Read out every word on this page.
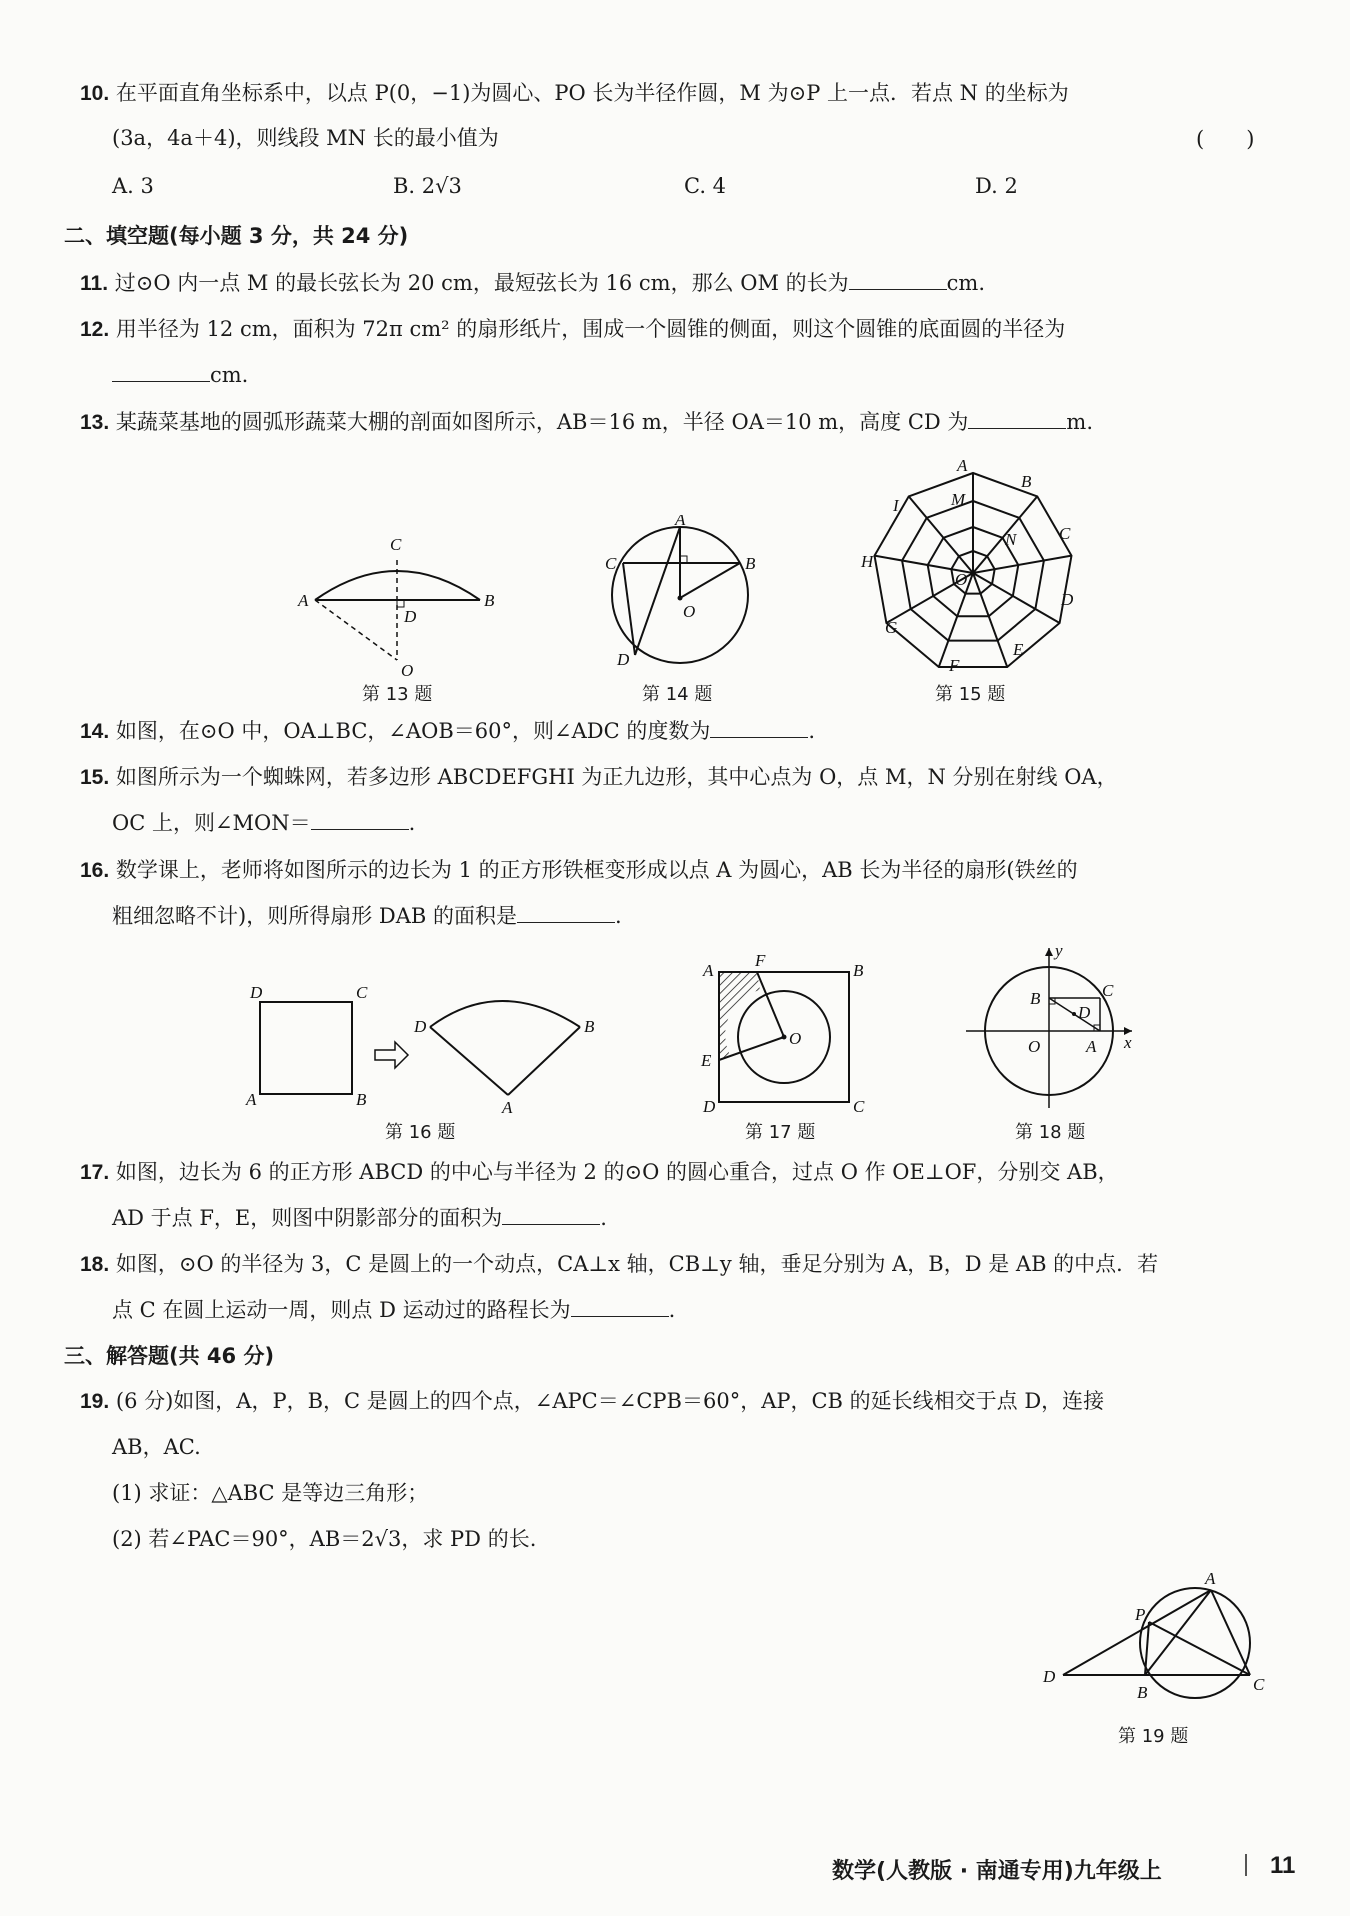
10. 在平面直角坐标系中，以点 P(0，−1)为圆心、PO 长为半径作圆，M 为⊙P 上一点．若点 N 的坐标为
(3a，4a＋4)，则线段 MN 长的最小值为	(　　)
A. 3	B. 2√3	C. 4	D. 2
二、填空题(每小题 3 分，共 24 分)
11. 过⊙O 内一点 M 的最长弦长为 20 cm，最短弦长为 16 cm，那么 OM 的长为	cm.
12. 用半径为 12 cm，面积为 72π cm² 的扇形纸片，围成一个圆锥的侧面，则这个圆锥的底面圆的半径为
cm.
13. 某蔬菜基地的圆弧形蔬菜大棚的剖面如图所示，AB＝16 m，半径 OA＝10 m，高度 CD 为	m.
C
A	B
D
O
A
C	B
O
D
A
B
M
I
C
N
H
O
D
G
E
F
第 13 题	第 14 题	第 15 题
14. 如图，在⊙O 中，OA⊥BC，∠AOB＝60°，则∠ADC 的度数为	.
15. 如图所示为一个蜘蛛网，若多边形 ABCDEFGHI 为正九边形，其中心点为 O，点 M，N 分别在射线 OA，
OC 上，则∠MON＝	.
16. 数学课上，老师将如图所示的边长为 1 的正方形铁框变形成以点 A 为圆心，AB 长为半径的扇形(铁丝的
粗细忽略不计)，则所得扇形 DAB 的面积是	.
D	C
A	B
D	B
A
A
F
B
O
E
D	C
y
B	C
D
O	A x
第 16 题	第 17 题	第 18 题
17. 如图，边长为 6 的正方形 ABCD 的中心与半径为 2 的⊙O 的圆心重合，过点 O 作 OE⊥OF，分别交 AB，
AD 于点 F，E，则图中阴影部分的面积为	.
18. 如图，⊙O 的半径为 3，C 是圆上的一个动点，CA⊥x 轴，CB⊥y 轴，垂足分别为 A，B，D 是 AB 的中点．若
点 C 在圆上运动一周，则点 D 运动过的路程长为	.
三、解答题(共 46 分)
19. (6 分)如图，A，P，B，C 是圆上的四个点，∠APC＝∠CPB＝60°，AP，CB 的延长线相交于点 D，连接
AB，AC.
(1) 求证：△ABC 是等边三角形；
(2) 若∠PAC＝90°，AB＝2√3，求 PD 的长.
A
P
D
B	C
第 19 题
数学(人教版 · 南通专用)九年级上	11
